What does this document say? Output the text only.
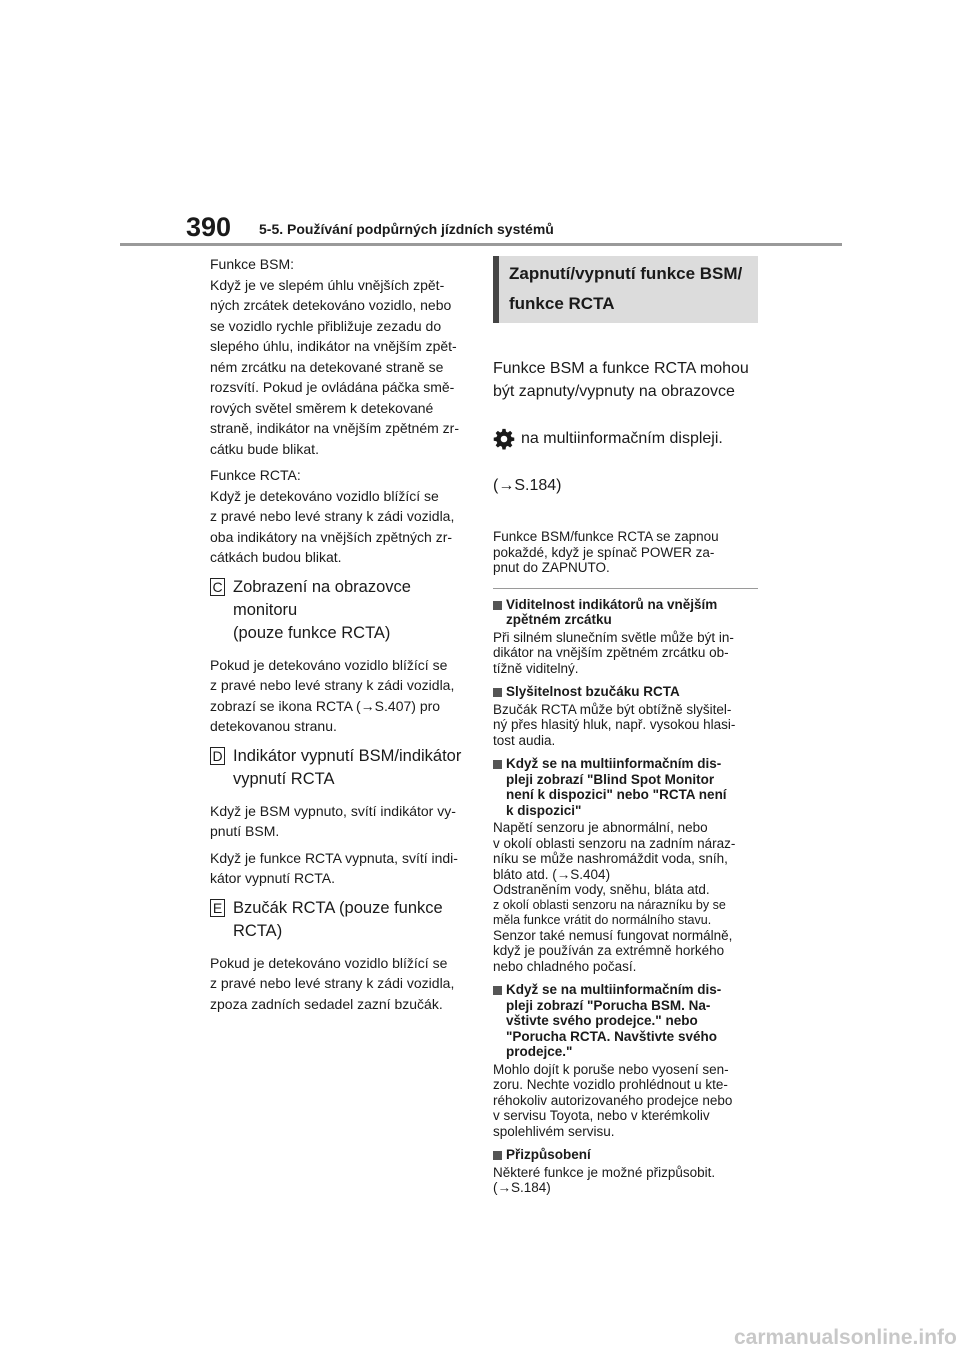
390 5-5. Používání podpůrných jízdních systémů

Funkce BSM:
Když je ve slepém úhlu vnějších zpět-
ných zrcátek detekováno vozidlo, nebo
se vozidlo rychle přibližuje zezadu do
slepého úhlu, indikátor na vnějším zpět-
ném zrcátku na detekované straně se
rozsvítí. Pokud je ovládána páčka smě-
rových světel směrem k detekované
straně, indikátor na vnějším zpětném zr-
cátku bude blikat.

Funkce RCTA:
Když je detekováno vozidlo blížící se
z pravé nebo levé strany k zádi vozidla,
oba indikátory na vnějších zpětných zr-
cátkách budou blikat.

C Zobrazení na obrazovce monitoru
(pouze funkce RCTA)

Pokud je detekováno vozidlo blížící se
z pravé nebo levé strany k zádi vozidla,
zobrazí se ikona RCTA (→S.407) pro
detekovanou stranu.

D Indikátor vypnutí BSM/indikátor
vypnutí RCTA

Když je BSM vypnuto, svítí indikátor vy-
pnutí BSM.

Když je funkce RCTA vypnuta, svítí indi-
kátor vypnutí RCTA.

E Bzučák RCTA (pouze funkce
RCTA)

Pokud je detekováno vozidlo blížící se
z pravé nebo levé strany k zádi vozidla,
zpoza zadních sedadel zazní bzučák.

Zapnutí/vypnutí funkce BSM/
funkce RCTA

Funkce BSM a funkce RCTA mohou
být zapnuty/vypnuty na obrazovce

na multiinformačním displeji.

(→S.184)

Funkce BSM/funkce RCTA se zapnou
pokaždé, když je spínač POWER za-
pnut do ZAPNUTO.

Viditelnost indikátorů na vnějším
zpětném zrcátku

Při silném slunečním světle může být in-
dikátor na vnějším zpětném zrcátku ob-
tížně viditelný.

Slyšitelnost bzučáku RCTA

Bzučák RCTA může být obtížně slyšitel-
ný přes hlasitý hluk, např. vysokou hlasi-
tost audia.

Když se na multiinformačním dis-
pleji zobrazí "Blind Spot Monitor
není k dispozici" nebo "RCTA není
k dispozici"

Napětí senzoru je abnormální, nebo
v okolí oblasti senzoru na zadním náraz-
níku se může nashromáždit voda, sníh,
bláto atd. (→S.404)
Odstraněním vody, sněhu, bláta atd.

z okolí oblasti senzoru na nárazníku by se
měla funkce vrátit do normálního stavu.

Senzor také nemusí fungovat normálně,
když je používán za extrémně horkého
nebo chladného počasí.

Když se na multiinformačním dis-
pleji zobrazí "Porucha BSM. Na-
vštivte svého prodejce." nebo
"Porucha RCTA. Navštivte svého
prodejce."

Mohlo dojít k poruše nebo vyosení sen-
zoru. Nechte vozidlo prohlédnout u kte-
réhokoliv autorizovaného prodejce nebo
v servisu Toyota, nebo v kterémkoliv
spolehlivém servisu.

Přizpůsobení

Některé funkce je možné přizpůsobit.
(→S.184)

carmanualsonline.info
